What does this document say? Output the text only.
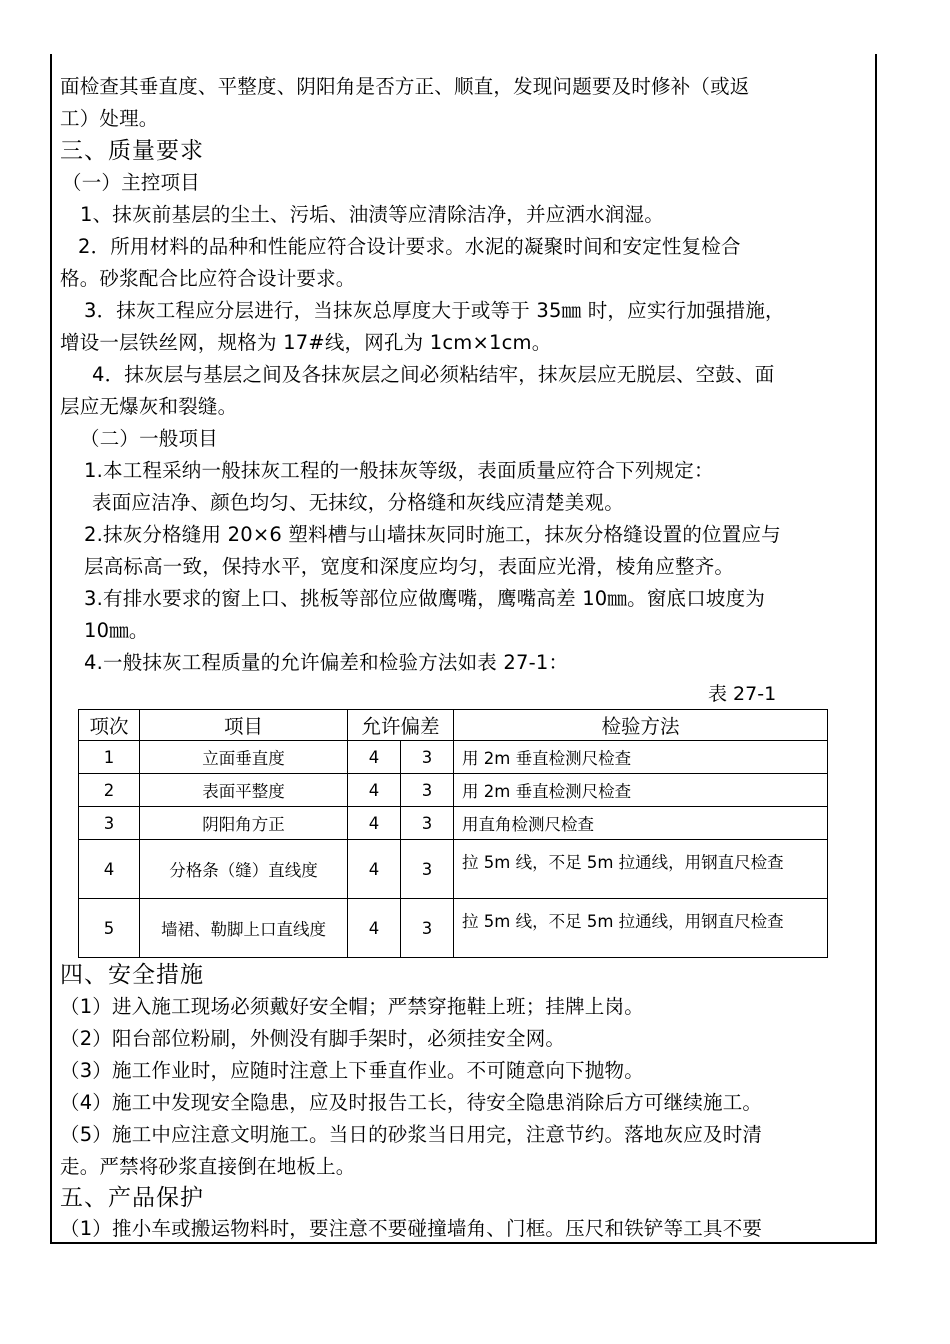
面检查其垂直度、平整度、阴阳角是否方正、顺直，发现问题要及时修补（或返
工）处理。
三、质量要求
（一）主控项目
1、抹灰前基层的尘土、污垢、油渍等应清除洁净，并应洒水润湿。
2．所用材料的品种和性能应符合设计要求。水泥的凝聚时间和安定性复检合
格。砂浆配合比应符合设计要求。
3．抹灰工程应分层进行，当抹灰总厚度大于或等于 35㎜ 时，应实行加强措施，
增设一层铁丝网，规格为 17#线，网孔为 1cm×1cm。
4．抹灰层与基层之间及各抹灰层之间必须粘结牢，抹灰层应无脱层、空鼓、面
层应无爆灰和裂缝。
（二）一般项目
1.本工程采纳一般抹灰工程的一般抹灰等级，表面质量应符合下列规定：
表面应洁净、颜色均匀、无抹纹，分格缝和灰线应清楚美观。
2.抹灰分格缝用 20×6 塑料槽与山墙抹灰同时施工，抹灰分格缝设置的位置应与
层高标高一致，保持水平，宽度和深度应均匀，表面应光滑，棱角应整齐。
3.有排水要求的窗上口、挑板等部位应做鹰嘴，鹰嘴高差 10㎜。窗底口坡度为
10㎜。
4.一般抹灰工程质量的允许偏差和检验方法如表 27-1：
表 27-1
项次	项目	允许偏差		检验方法
1	立面垂直度	4	3	用 2m 垂直检测尺检查
2	表面平整度	4	3	用 2m 垂直检测尺检查
3	阴阳角方正	4	3	用直角检测尺检查
4	分格条（缝）直线度	4	3	拉 5m 线，不足 5m 拉通线，用钢直尺检查
5	墙裙、勒脚上口直线度	4	3	拉 5m 线，不足 5m 拉通线，用钢直尺检查
四、安全措施
（1）进入施工现场必须戴好安全帽；严禁穿拖鞋上班；挂牌上岗。
（2）阳台部位粉刷，外侧没有脚手架时，必须挂安全网。
（3）施工作业时，应随时注意上下垂直作业。不可随意向下抛物。
（4）施工中发现安全隐患，应及时报告工长，待安全隐患消除后方可继续施工。
（5）施工中应注意文明施工。当日的砂浆当日用完，注意节约。落地灰应及时清
走。严禁将砂浆直接倒在地板上。
五、产品保护
（1）推小车或搬运物料时，要注意不要碰撞墙角、门框。压尺和铁铲等工具不要
